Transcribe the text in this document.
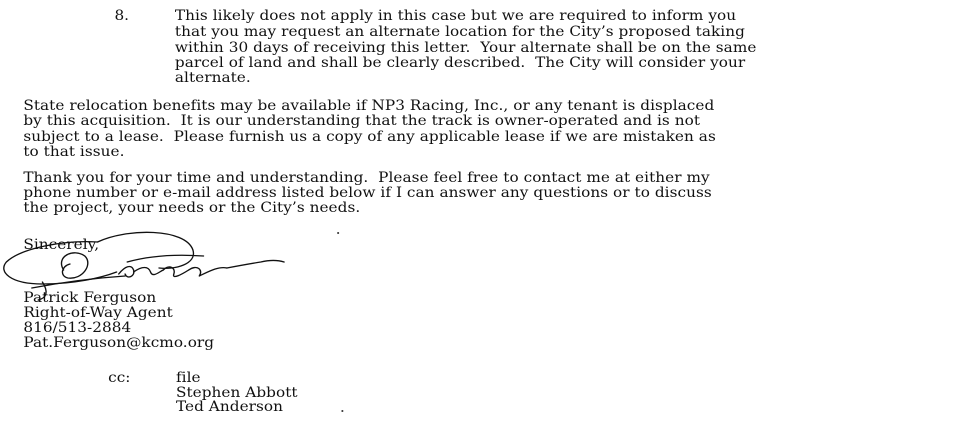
8.	This likely does not apply in this case but we are required to inform you
that you may request an alternate location for the City’s proposed taking
within 30 days of receiving this letter.  Your alternate shall be on the same
parcel of land and shall be clearly described.  The City will consider your
alternate.
State relocation benefits may be available if NP3 Racing, Inc., or any tenant is displaced
by this acquisition.  It is our understanding that the track is owner-operated and is not
subject to a lease.  Please furnish us a copy of any applicable lease if we are mistaken as
to that issue.
Thank you for your time and understanding.  Please feel free to contact me at either my
phone number or e-mail address listed below if I can answer any questions or to discuss
the project, your needs or the City’s needs.
Sincerely,
Patrick Ferguson
Right-of-Way Agent
816/513-2884
Pat.Ferguson@kcmo.org
cc:	file
Stephen Abbott
Ted Anderson
